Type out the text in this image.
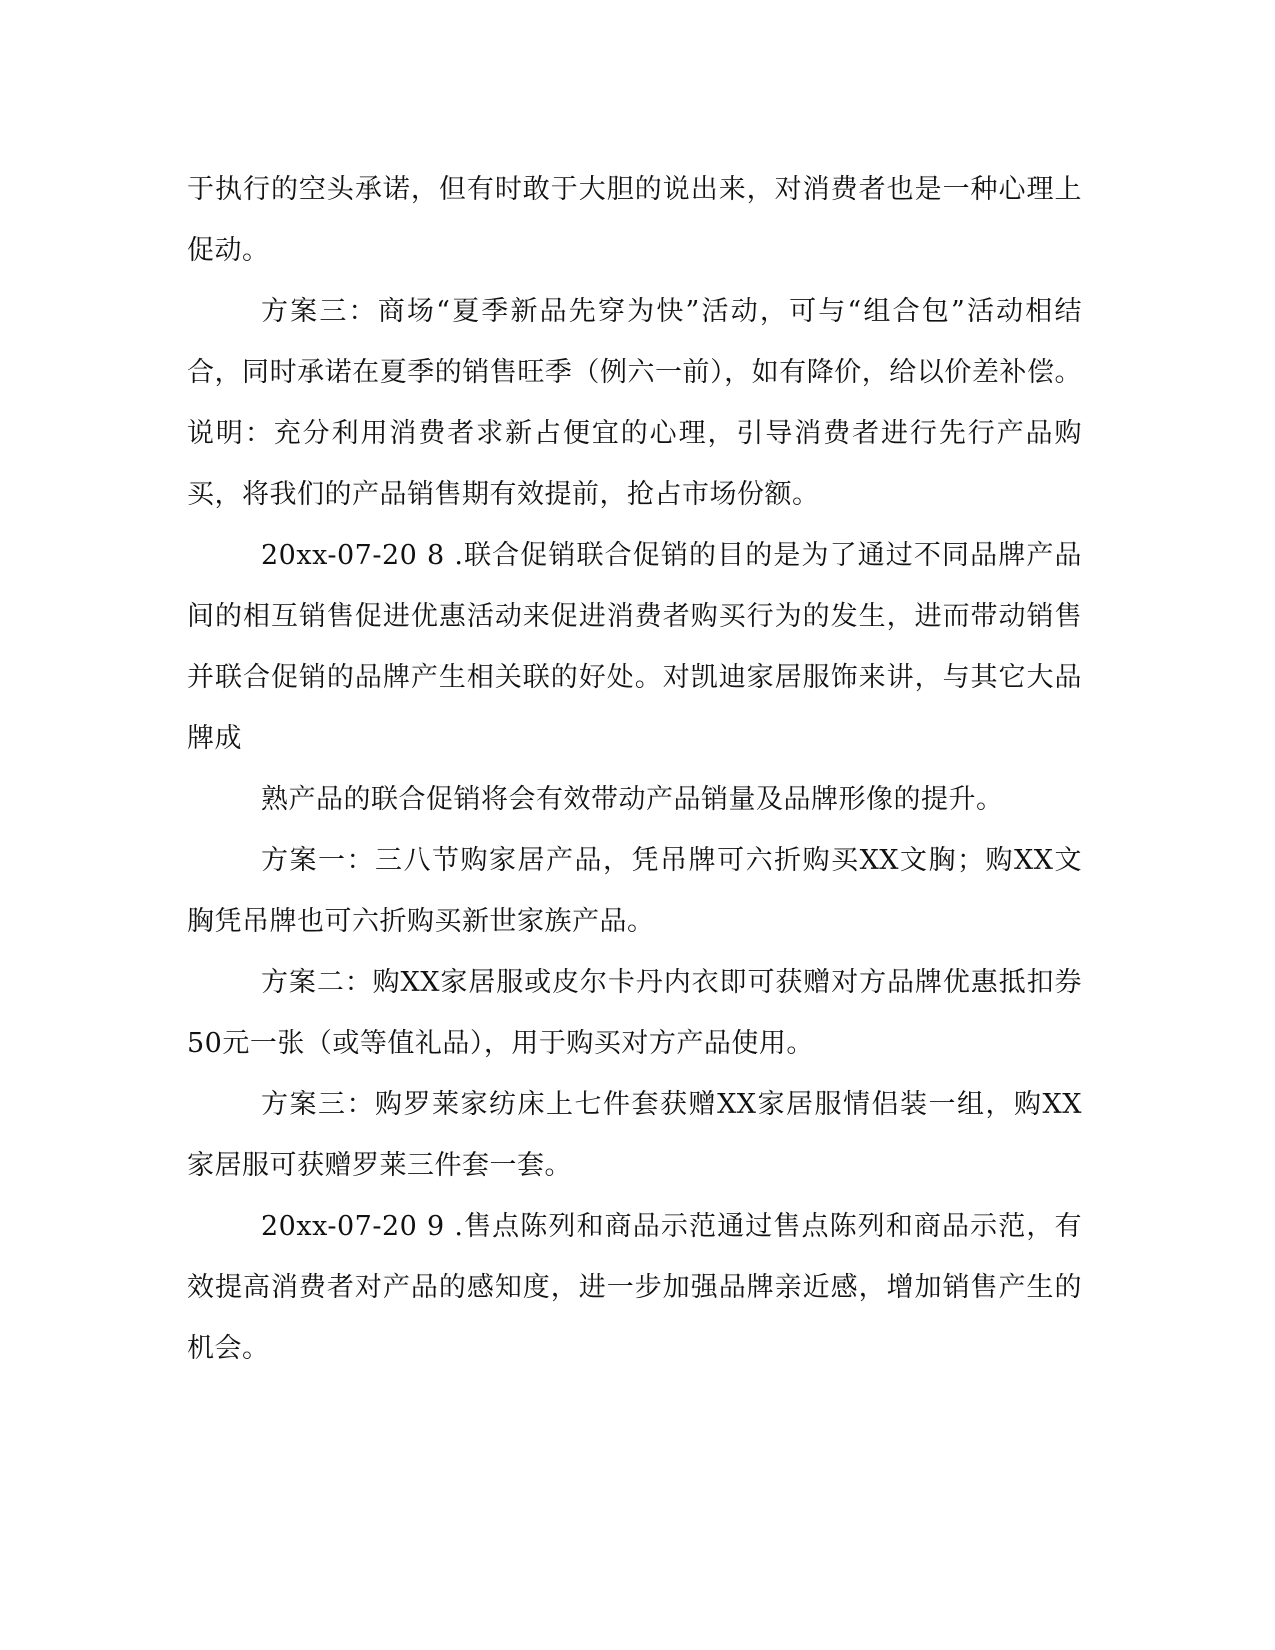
于执行的空头承诺，但有时敢于大胆的说出来，对消费者也是一种心理上促动。

方案三：商场“夏季新品先穿为快”活动，可与“组合包”活动相结合，同时承诺在夏季的销售旺季（例六一前），如有降价，给以价差补偿。说明：充分利用消费者求新占便宜的心理，引导消费者进行先行产品购买，将我们的产品销售期有效提前，抢占市场份额。

20xx-07-20 8 .联合促销联合促销的目的是为了通过不同品牌产品间的相互销售促进优惠活动来促进消费者购买行为的发生，进而带动销售并联合促销的品牌产生相关联的好处。对凯迪家居服饰来讲，与其它大品牌成

熟产品的联合促销将会有效带动产品销量及品牌形像的提升。

方案一：三八节购家居产品，凭吊牌可六折购买XX文胸；购XX文胸凭吊牌也可六折购买新世家族产品。

方案二：购XX家居服或皮尔卡丹内衣即可获赠对方品牌优惠抵扣券50元一张（或等值礼品），用于购买对方产品使用。

方案三：购罗莱家纺床上七件套获赠XX家居服情侣装一组，购XX家居服可获赠罗莱三件套一套。

20xx-07-20 9 .售点陈列和商品示范通过售点陈列和商品示范，有效提高消费者对产品的感知度，进一步加强品牌亲近感，增加销售产生的机会。
